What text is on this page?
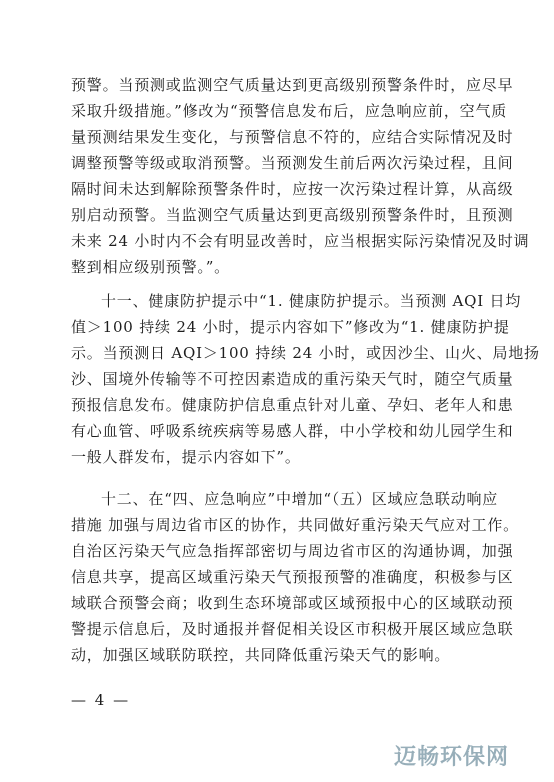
预警。当预测或监测空气质量达到更高级别预警条件时，应尽早
采取升级措施。”修改为“预警信息发布后，应急响应前，空气质
量预测结果发生变化，与预警信息不符的，应结合实际情况及时
调整预警等级或取消预警。当预测发生前后两次污染过程，且间
隔时间未达到解除预警条件时，应按一次污染过程计算，从高级
别启动预警。当监测空气质量达到更高级别预警条件时，且预测
未来 24 小时内不会有明显改善时，应当根据实际污染情况及时调
整到相应级别预警。”。
十一、健康防护提示中“1. 健康防护提示。当预测 AQI 日均
值＞100 持续 24 小时，提示内容如下”修改为“1. 健康防护提
示。当预测日 AQI＞100 持续 24 小时，或因沙尘、山火、局地扬
沙、国境外传输等不可控因素造成的重污染天气时，随空气质量
预报信息发布。健康防护信息重点针对儿童、孕妇、老年人和患
有心血管、呼吸系统疾病等易感人群，中小学校和幼儿园学生和
一般人群发布，提示内容如下”。
十二、在“四、应急响应”中增加“（五）区域应急联动响应
措施 加强与周边省市区的协作，共同做好重污染天气应对工作。
自治区污染天气应急指挥部密切与周边省市区的沟通协调，加强
信息共享，提高区域重污染天气预报预警的准确度，积极参与区
域联合预警会商；收到生态环境部或区域预报中心的区域联动预
警提示信息后，及时通报并督促相关设区市积极开展区域应急联
动，加强区域联防联控，共同降低重污染天气的影响。
— 4 —
迈畅环保网
